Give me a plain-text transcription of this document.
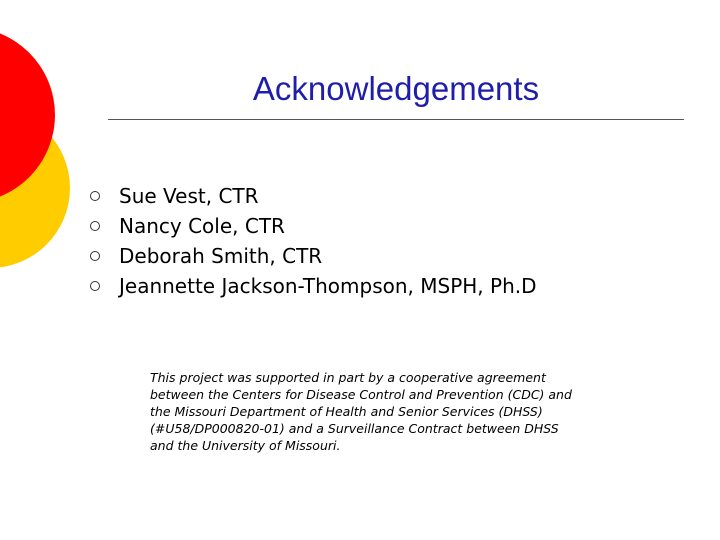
Acknowledgements
Sue Vest, CTR
Nancy Cole, CTR
Deborah Smith, CTR
Jeannette Jackson-Thompson, MSPH, Ph.D

This project was supported in part by a cooperative agreement
between the Centers for Disease Control and Prevention (CDC) and
the Missouri Department of Health and Senior Services (DHSS)
(#U58/DP000820-01) and a Surveillance Contract between DHSS
and the University of Missouri.
